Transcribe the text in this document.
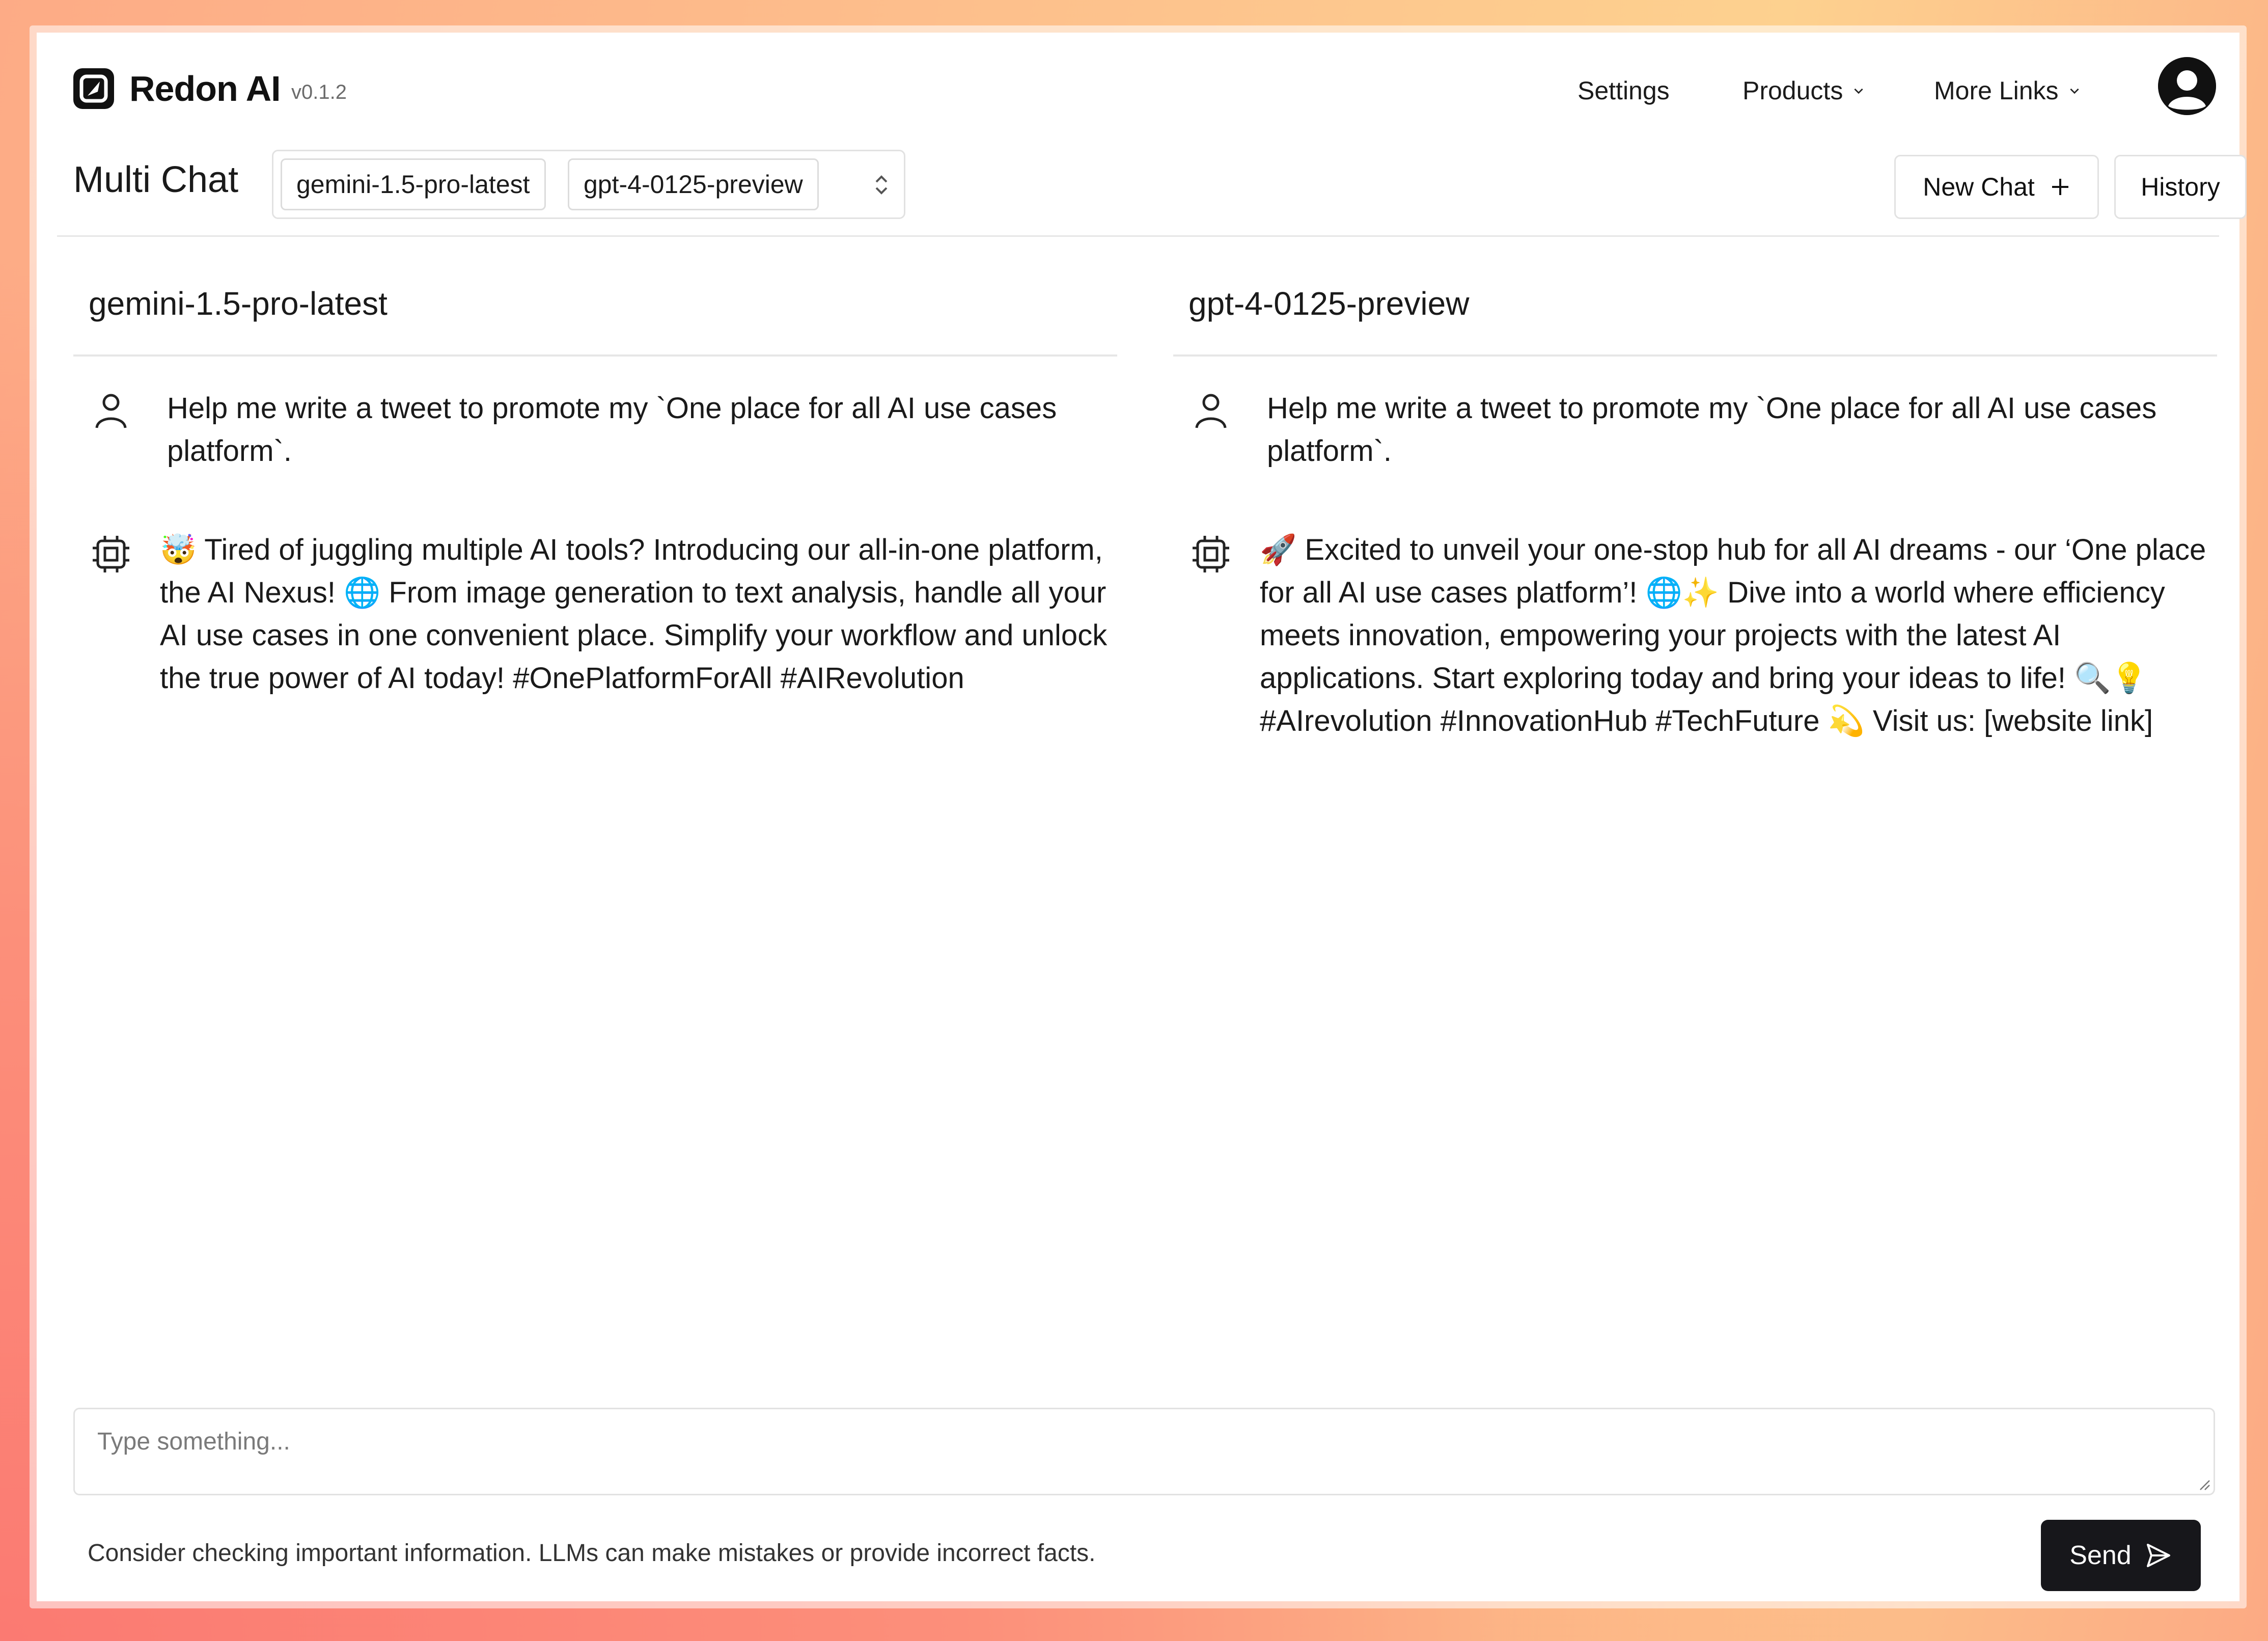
Redon AI v0.1.2	Settings	Products	More Links
Multi Chat	gemini-1.5-pro-latest	gpt-4-0125-preview	New Chat	History
gemini-1.5-pro-latest
Help me write a tweet to promote my `One place for all AI use cases platform`.
🤯 Tired of juggling multiple AI tools? Introducing our all-in-one platform, the AI Nexus! 🌐 From image generation to text analysis, handle all your AI use cases in one convenient place. Simplify your workflow and unlock the true power of AI today! #OnePlatformForAll #AIRevolution
gpt-4-0125-preview
Help me write a tweet to promote my `One place for all AI use cases platform`.
🚀 Excited to unveil your one-stop hub for all AI dreams - our ‘One place for all AI use cases platform’! 🌐✨ Dive into a world where efficiency meets innovation, empowering your projects with the latest AI applications. Start exploring today and bring your ideas to life! 🔍💡 #AIrevolution #InnovationHub #TechFuture 💫 Visit us: [website link]
Type something...
Consider checking important information. LLMs can make mistakes or provide incorrect facts.	Send
